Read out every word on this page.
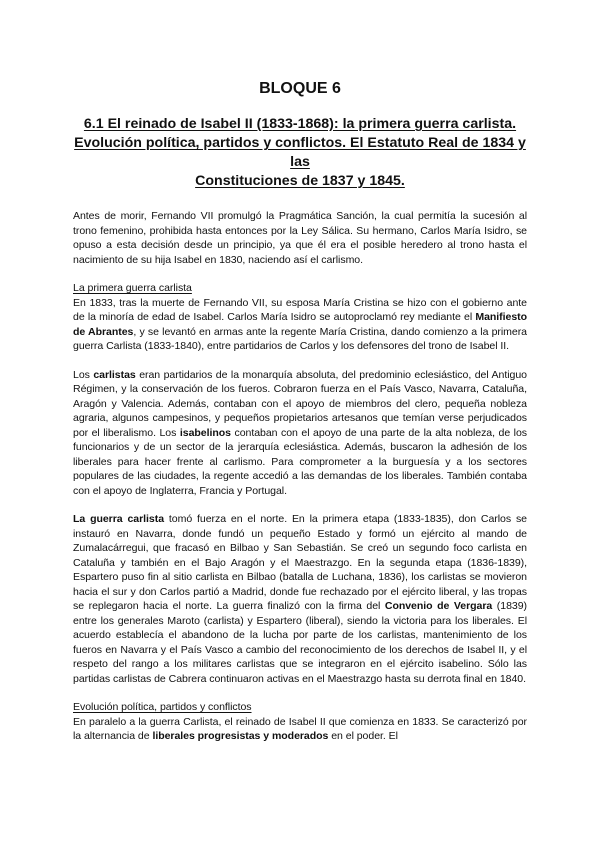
BLOQUE 6
6.1 El reinado de Isabel II (1833-1868): la primera guerra carlista.
Evolución política, partidos y conflictos. El Estatuto Real de 1834 y las
Constituciones de 1837 y 1845.

Antes de morir, Fernando VII promulgó la Pragmática Sanción, la cual permitía la sucesión al trono femenino, prohibida hasta entonces por la Ley Sálica. Su hermano, Carlos María Isidro, se opuso a esta decisión desde un principio, ya que él era el posible heredero al trono hasta el nacimiento de su hija Isabel en 1830, naciendo así el carlismo.

La primera guerra carlista

En 1833, tras la muerte de Fernando VII, su esposa María Cristina se hizo con el gobierno ante de la minoría de edad de Isabel. Carlos María Isidro se autoproclamó rey mediante el Manifiesto de Abrantes, y se levantó en armas ante la regente María Cristina, dando comienzo a la primera guerra Carlista (1833-1840), entre partidarios de Carlos y los defensores del trono de Isabel II.

Los carlistas eran partidarios de la monarquía absoluta, del predominio eclesiástico, del Antiguo Régimen, y la conservación de los fueros. Cobraron fuerza en el País Vasco, Navarra, Cataluña, Aragón y Valencia. Además, contaban con el apoyo de miembros del clero, pequeña nobleza agraria, algunos campesinos, y pequeños propietarios artesanos que temían verse perjudicados por el liberalismo. Los isabelinos contaban con el apoyo de una parte de la alta nobleza, de los funcionarios y de un sector de la jerarquía eclesiástica. Además, buscaron la adhesión de los liberales para hacer frente al carlismo. Para comprometer a la burguesía y a los sectores populares de las ciudades, la regente accedió a las demandas de los liberales. También contaba con el apoyo de Inglaterra, Francia y Portugal.

La guerra carlista tomó fuerza en el norte. En la primera etapa (1833-1835), don Carlos se instauró en Navarra, donde fundó un pequeño Estado y formó un ejército al mando de Zumalacárregui, que fracasó en Bilbao y San Sebastián. Se creó un segundo foco carlista en Cataluña y también en el Bajo Aragón y el Maestrazgo. En la segunda etapa (1836-1839), Espartero puso fin al sitio carlista en Bilbao (batalla de Luchana, 1836), los carlistas se movieron hacia el sur y don Carlos partió a Madrid, donde fue rechazado por el ejército liberal, y las tropas se replegaron hacia el norte. La guerra finalizó con la firma del Convenio de Vergara (1839) entre los generales Maroto (carlista) y Espartero (liberal), siendo la victoria para los liberales. El acuerdo establecía el abandono de la lucha por parte de los carlistas, mantenimiento de los fueros en Navarra y el País Vasco a cambio del reconocimiento de los derechos de Isabel II, y el respeto del rango a los militares carlistas que se integraron en el ejército isabelino. Sólo las partidas carlistas de Cabrera continuaron activas en el Maestrazgo hasta su derrota final en 1840.

Evolución política, partidos y conflictos

En paralelo a la guerra Carlista, el reinado de Isabel II que comienza en 1833. Se caracterizó por la alternancia de liberales progresistas y moderados en el poder. El
